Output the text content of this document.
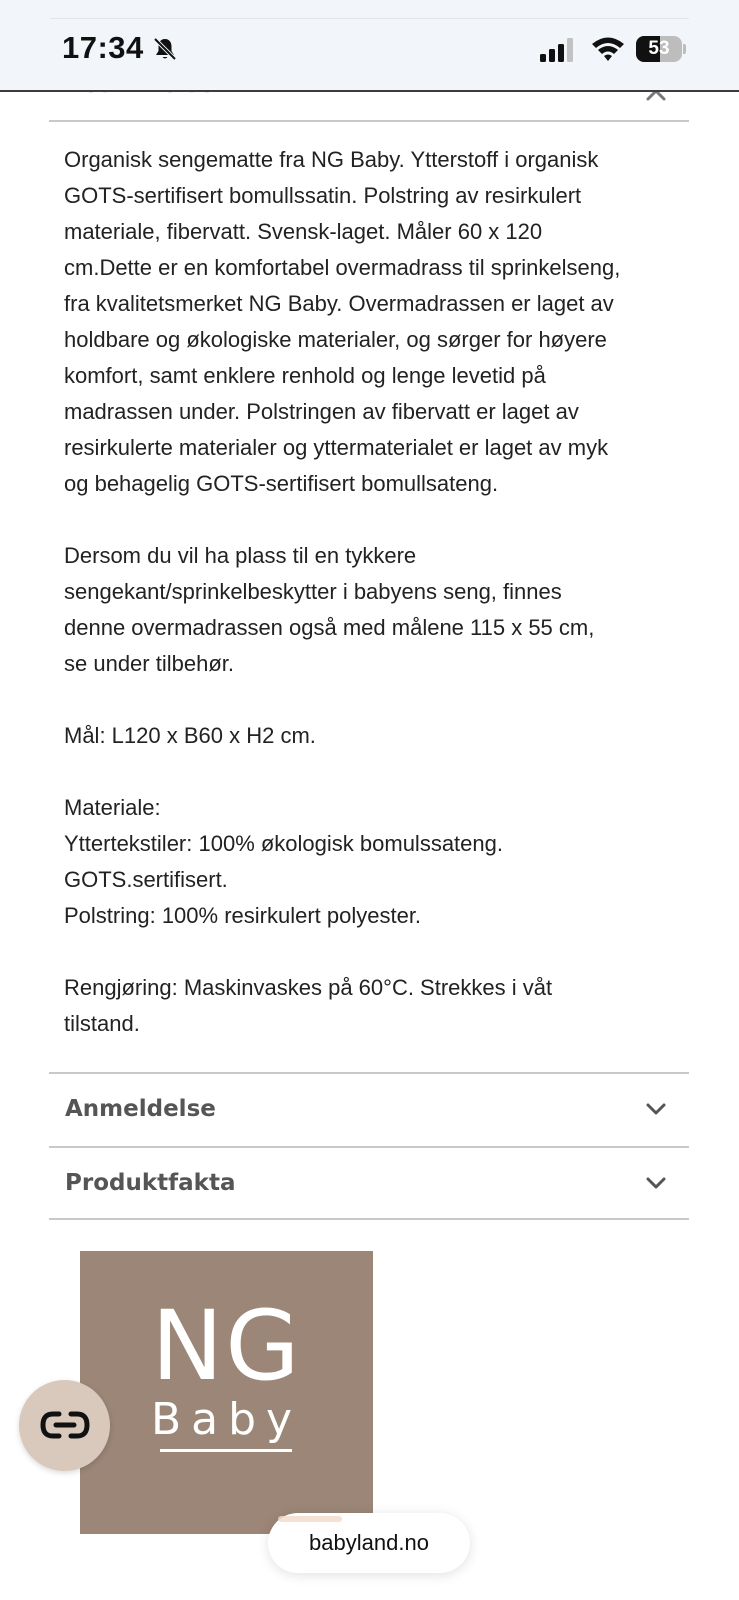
17:34	53

Organisk sengematte fra NG Baby. Ytterstoff i organisk
GOTS-sertifisert bomullssatin. Polstring av resirkulert
materiale, fibervatt. Svensk-laget. Måler 60 x 120
cm.Dette er en komfortabel overmadrass til sprinkelseng,
fra kvalitetsmerket NG Baby. Overmadrassen er laget av
holdbare og økologiske materialer, og sørger for høyere
komfort, samt enklere renhold og lenge levetid på
madrassen under. Polstringen av fibervatt er laget av
resirkulerte materialer og yttermaterialet er laget av myk
og behagelig GOTS-sertifisert bomullsateng.

Dersom du vil ha plass til en tykkere
sengekant/sprinkelbeskytter i babyens seng, finnes
denne overmadrassen også med målene 115 x 55 cm,
se under tilbehør.

Mål: L120 x B60 x H2 cm.

Materiale:
Yttertekstiler: 100% økologisk bomulssateng.
GOTS.sertifisert.
Polstring: 100% resirkulert polyester.

Rengjøring: Maskinvaskes på 60°C. Strekkes i våt
tilstand.

Anmeldelse
Produktfakta
NG
Baby
babyland.no
